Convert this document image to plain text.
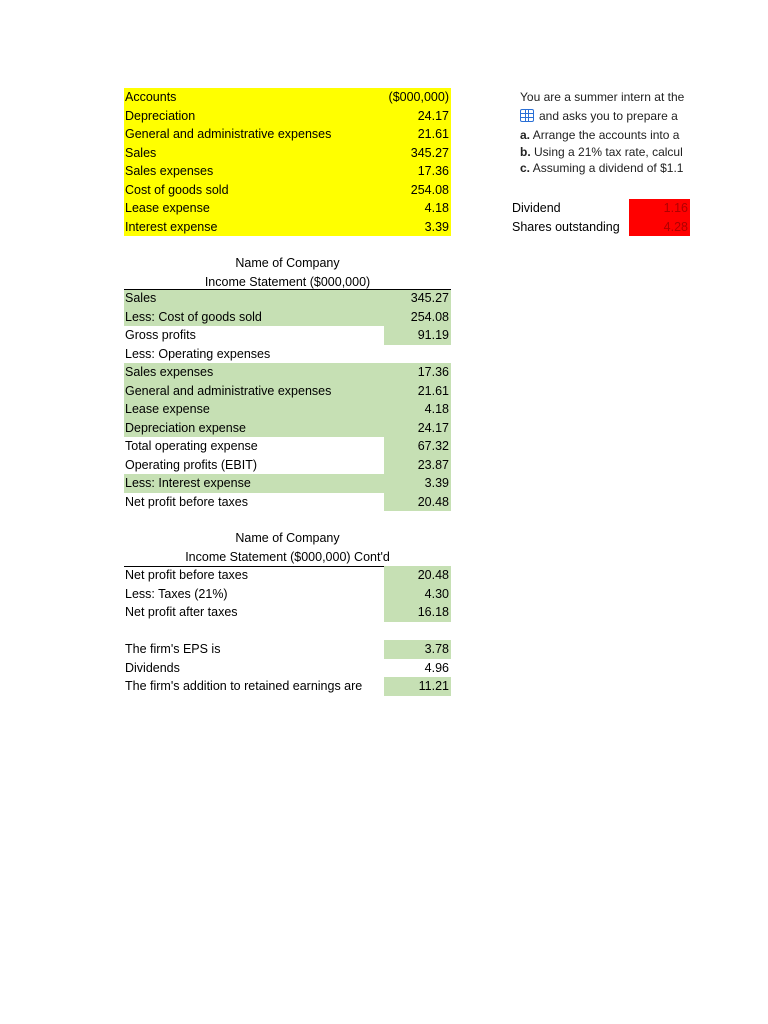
Accounts	($000,000)
Depreciation	24.17
General and administrative expenses	21.61
Sales	345.27
Sales expenses	17.36
Cost of goods sold	254.08
Lease expense	4.18
Interest expense	3.39
You are a summer intern at the
and asks you to prepare a
a. Arrange the accounts into a
b. Using a 21% tax rate, calcul
c. Assuming a dividend of $1.1
Dividend	1.16
Shares outstanding	4.28
Name of Company
Income Statement ($000,000)
Sales	345.27
Less: Cost of goods sold	254.08
Gross profits	91.19
Less: Operating expenses
Sales expenses	17.36
General and administrative expenses	21.61
Lease expense	4.18
Depreciation expense	24.17
Total operating expense	67.32
Operating profits (EBIT)	23.87
Less: Interest expense	3.39
Net profit before taxes	20.48
Name of Company
Income Statement ($000,000) Cont'd
Net profit before taxes	20.48
Less: Taxes (21%)	4.30
Net profit after taxes	16.18
The firm's EPS is	3.78
Dividends	4.96
The firm's addition to retained earnings are	11.21
